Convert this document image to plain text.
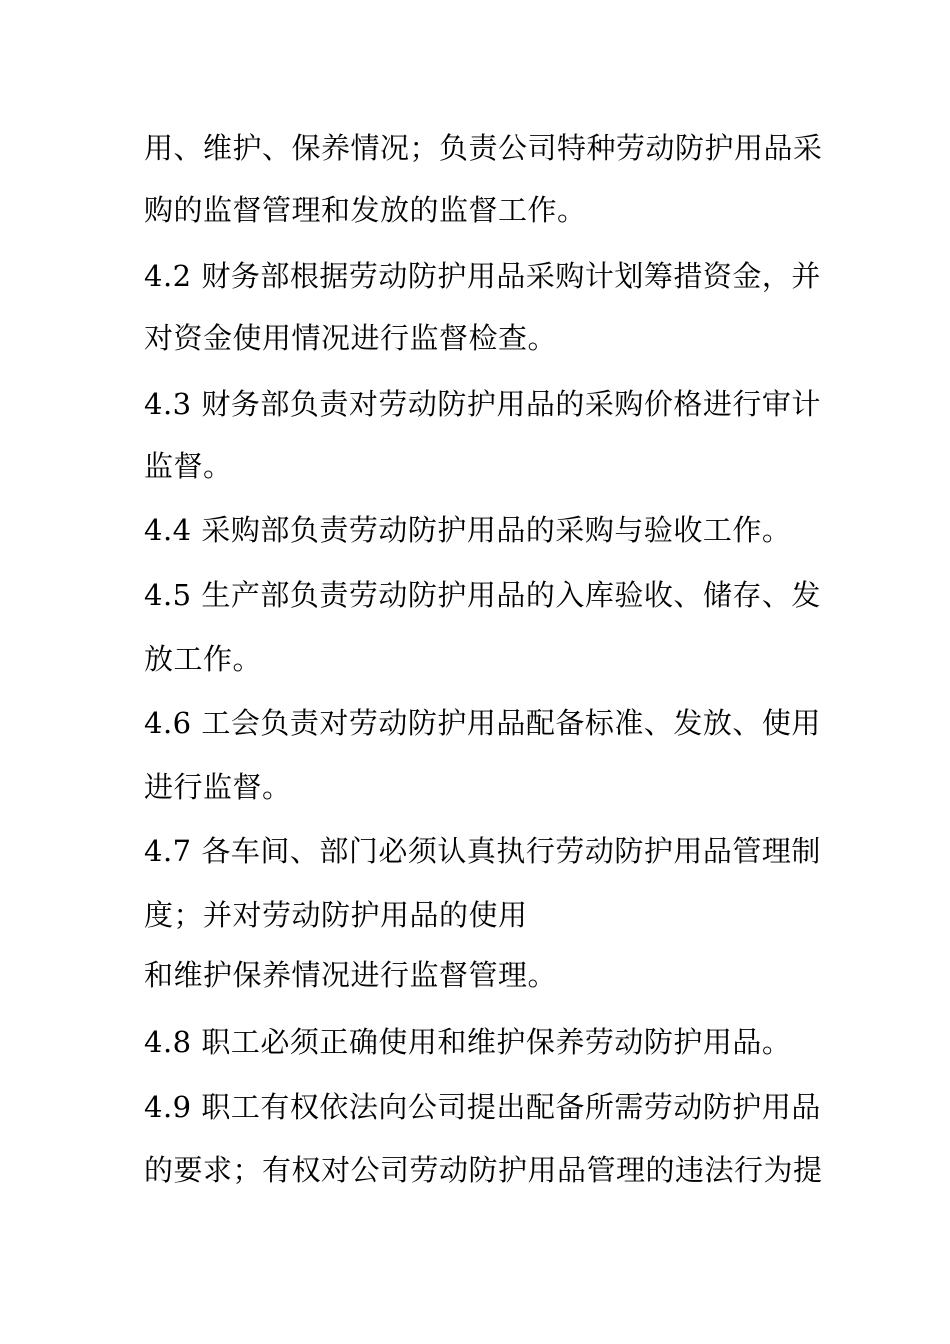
用、维护、保养情况；负责公司特种劳动防护用品采
购的监督管理和发放的监督工作。
4.2 财务部根据劳动防护用品采购计划筹措资金，并
对资金使用情况进行监督检查。
4.3 财务部负责对劳动防护用品的采购价格进行审计
监督。
4.4 采购部负责劳动防护用品的采购与验收工作。
4.5 生产部负责劳动防护用品的入库验收、储存、发
放工作。
4.6 工会负责对劳动防护用品配备标准、发放、使用
进行监督。
4.7 各车间、部门必须认真执行劳动防护用品管理制
度；并对劳动防护用品的使用
和维护保养情况进行监督管理。
4.8 职工必须正确使用和维护保养劳动防护用品。
4.9 职工有权依法向公司提出配备所需劳动防护用品
的要求；有权对公司劳动防护用品管理的违法行为提
